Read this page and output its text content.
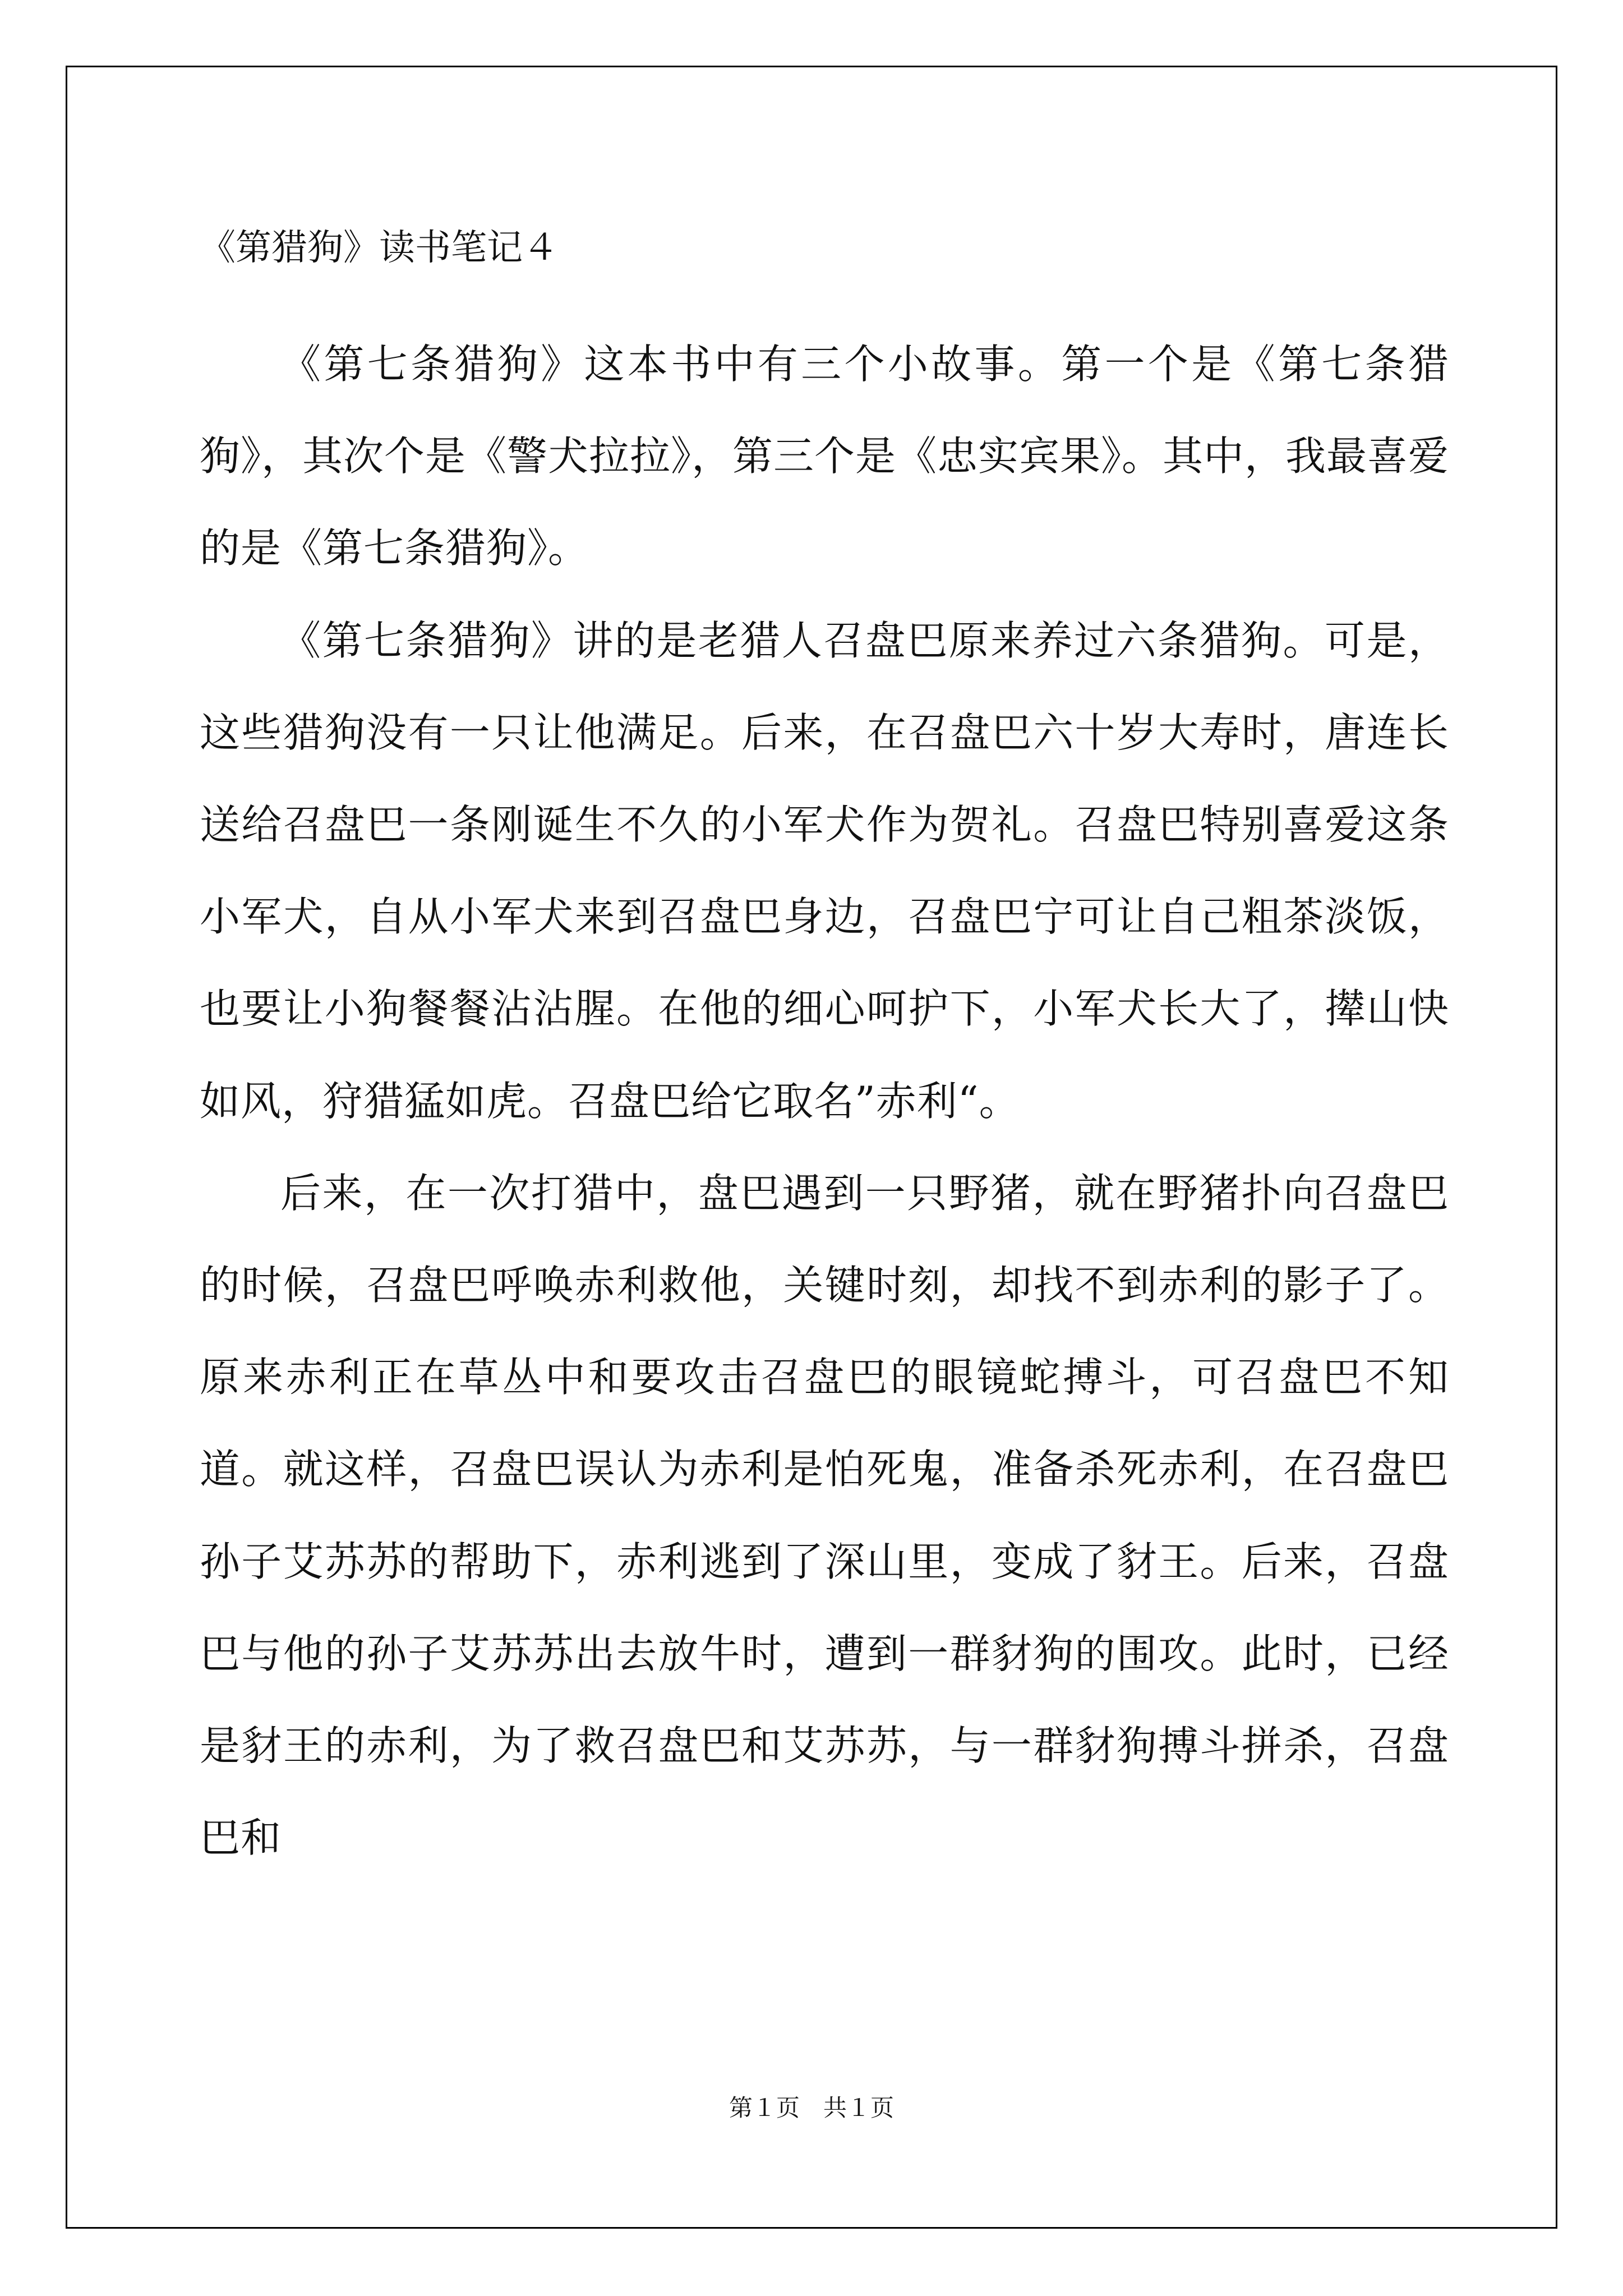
《第猎狗》读书笔记４

《第七条猎狗》这本书中有三个小故事。第一个是《第七条猎狗》，其次个是《警犬拉拉》，第三个是《忠实宾果》。其中，我最喜爱的是《第七条猎狗》。

《第七条猎狗》讲的是老猎人召盘巴原来养过六条猎狗。可是，这些猎狗没有一只让他满足。后来，在召盘巴六十岁大寿时，唐连长送给召盘巴一条刚诞生不久的小军犬作为贺礼。召盘巴特别喜爱这条小军犬，自从小军犬来到召盘巴身边，召盘巴宁可让自己粗茶淡饭，也要让小狗餐餐沾沾腥。在他的细心呵护下，小军犬长大了，撵山快如风，狩猎猛如虎。召盘巴给它取名”赤利“。

后来，在一次打猎中，盘巴遇到一只野猪，就在野猪扑向召盘巴的时候，召盘巴呼唤赤利救他，关键时刻，却找不到赤利的影子了。原来赤利正在草丛中和要攻击召盘巴的眼镜蛇搏斗，可召盘巴不知道。就这样，召盘巴误认为赤利是怕死鬼，准备杀死赤利，在召盘巴孙子艾苏苏的帮助下，赤利逃到了深山里，变成了豺王。后来，召盘巴与他的孙子艾苏苏出去放牛时，遭到一群豺狗的围攻。此时，已经是豺王的赤利，为了救召盘巴和艾苏苏，与一群豺狗搏斗拼杀，召盘巴和

第１页　共１页
